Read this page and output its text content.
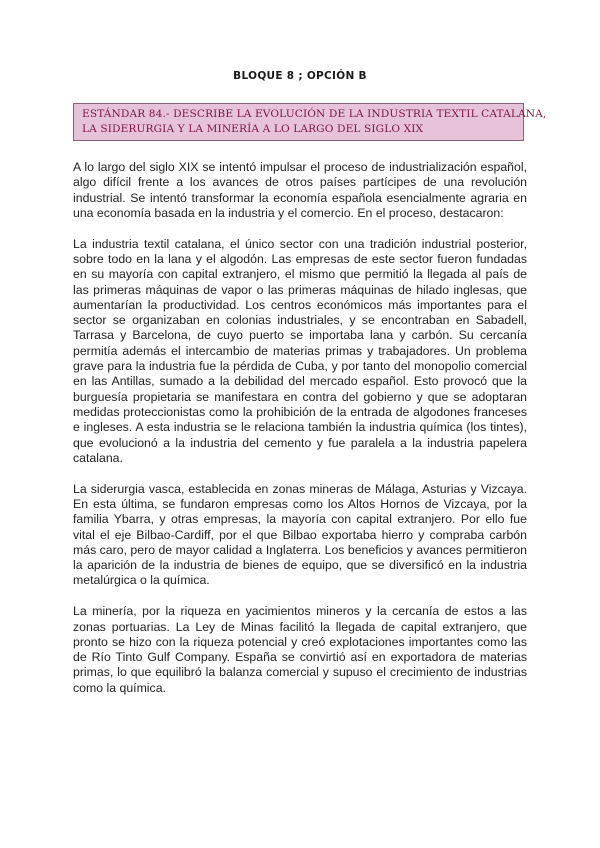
BLOQUE 8 ; OPCIÓN B
ESTÁNDAR 84.- DESCRIBE LA EVOLUCIÓN DE LA INDUSTRIA TEXTIL CATALANA,
LA SIDERURGIA Y LA MINERÍA A LO LARGO DEL SIGLO XIX

A lo largo del siglo XIX se intentó impulsar el proceso de industrialización español, algo difícil frente a los avances de otros países partícipes de una revolución industrial. Se intentó transformar la economía española esencialmente agraria en una economía basada en la industria y el comercio. En el proceso, destacaron:

La industria textil catalana, el único sector con una tradición industrial posterior, sobre todo en la lana y el algodón. Las empresas de este sector fueron fundadas en su mayoría con capital extranjero, el mismo que permitió la llegada al país de las primeras máquinas de vapor o las primeras máquinas de hilado inglesas, que aumentarían la productividad. Los centros económicos más importantes para el sector se organizaban en colonias industriales, y se encontraban en Sabadell, Tarrasa y Barcelona, de cuyo puerto se importaba lana y carbón. Su cercanía permitía además el intercambio de materias primas y trabajadores. Un problema grave para la industria fue la pérdida de Cuba, y por tanto del monopolio comercial en las Antillas, sumado a la debilidad del mercado español. Esto provocó que la burguesía propietaria se manifestara en contra del gobierno y que se adoptaran medidas proteccionistas como la prohibición de la entrada de algodones franceses e ingleses. A esta industria se le relaciona también la industria química (los tintes), que evolucionó a la industria del cemento y fue paralela a la industria papelera catalana.

La siderurgia vasca, establecida en zonas mineras de Málaga, Asturias y Vizcaya. En esta última, se fundaron empresas como los Altos Hornos de Vizcaya, por la familia Ybarra, y otras empresas, la mayoría con capital extranjero. Por ello fue vital el eje Bilbao-Cardiff, por el que Bilbao exportaba hierro y compraba carbón más caro, pero de mayor calidad a Inglaterra. Los beneficios y avances permitieron la aparición de la industria de bienes de equipo, que se diversificó en la industria metalúrgica o la química.

La minería, por la riqueza en yacimientos mineros y la cercanía de estos a las zonas portuarias. La Ley de Minas facilitó la llegada de capital extranjero, que pronto se hizo con la riqueza potencial y creó explotaciones importantes como las de Río Tinto Gulf Company. España se convirtió así en exportadora de materias primas, lo que equilibró la balanza comercial y supuso el crecimiento de industrias como la química.
